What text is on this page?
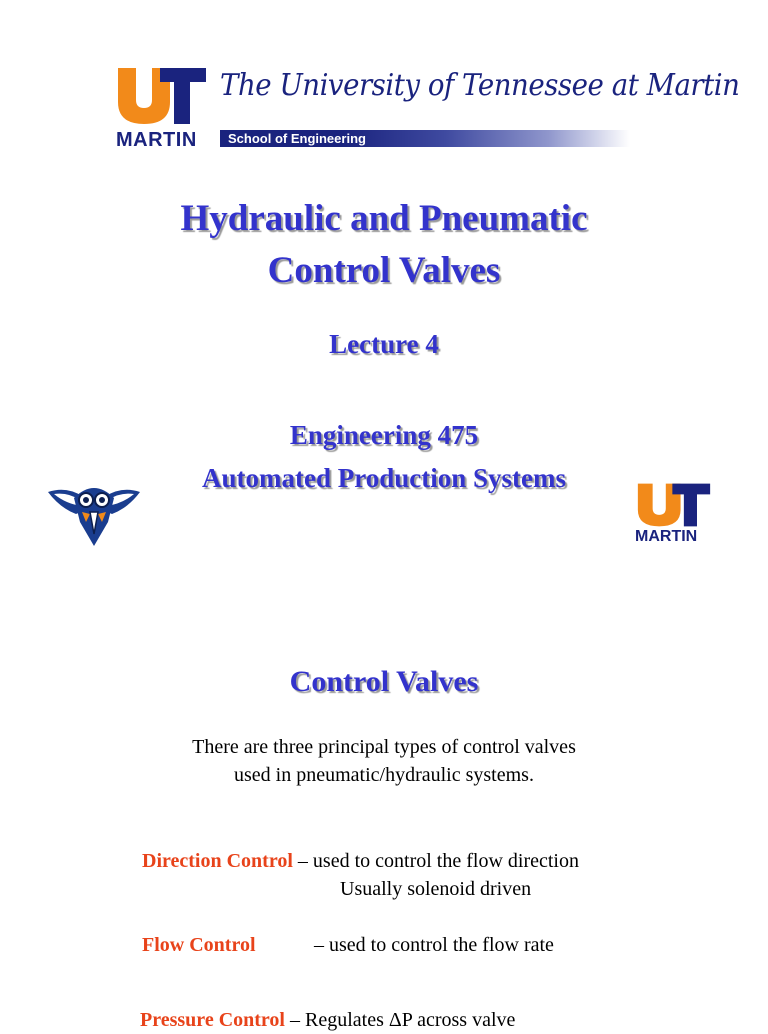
MARTIN
The University of Tennessee at Martin
School of Engineering
Hydraulic and Pneumatic
Control Valves
Lecture 4
Engineering 475
Automated Production Systems
MARTIN
Control Valves
There are three principal types of control valves
used in pneumatic/hydraulic systems.
Direction Control – used to control the flow direction
Usually solenoid driven
Flow Control	– used to control the flow rate
Pressure Control – Regulates ΔP across valve
